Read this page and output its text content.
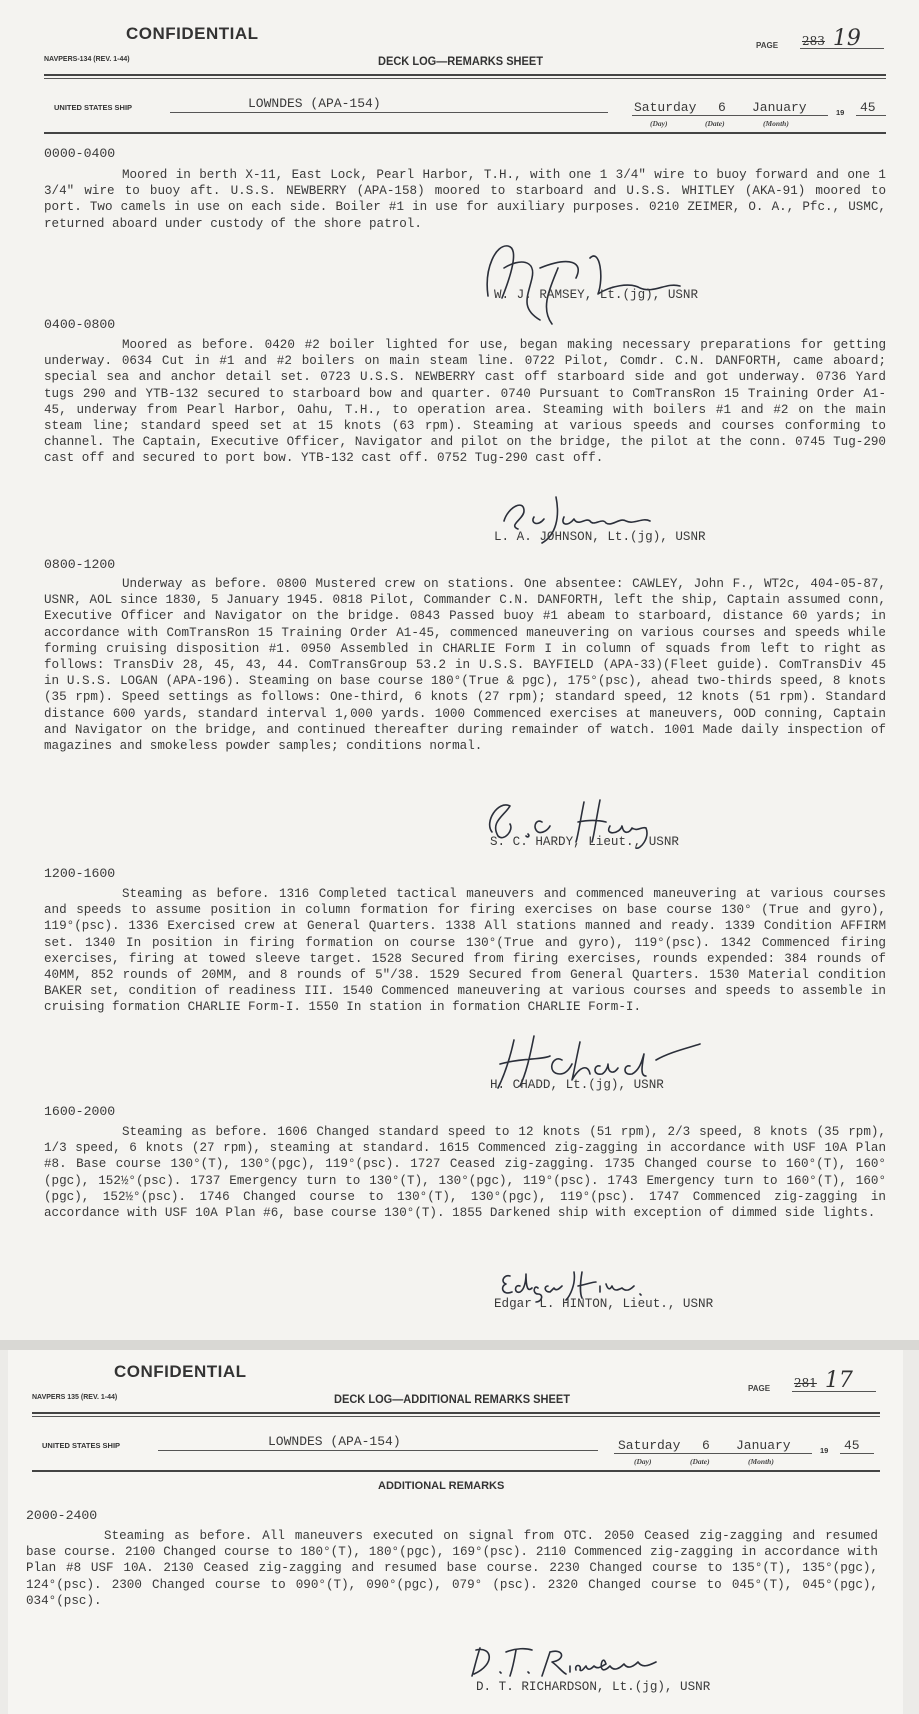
CONFIDENTIAL
NAVPERS-134 (REV. 1-44)	DECK LOG—REMARKS SHEET
PAGE 283 19
UNITED STATES SHIP	LOWNDES (APA-154)	Saturday 6 January	19 45
(Day)	(Date)	(Month)
0000-0400

Moored in berth X-11, East Lock, Pearl Harbor, T.H., with one 1 3/4" wire to buoy forward and one 1 3/4" wire to buoy aft. U.S.S. NEWBERRY (APA-158) moored to starboard and U.S.S. WHITLEY (AKA-91) moored to port. Two camels in use on each side. Boiler #1 in use for auxiliary purposes. 0210 ZEIMER, O. A., Pfc., USMC, returned aboard under custody of the shore patrol.

W. J. RAMSEY, Lt.(jg), USNR
0400-0800

Moored as before. 0420 #2 boiler lighted for use, began making necessary preparations for getting underway. 0634 Cut in #1 and #2 boilers on main steam line. 0722 Pilot, Comdr. C.N. DANFORTH, came aboard; special sea and anchor detail set. 0723 U.S.S. NEWBERRY cast off starboard side and got underway. 0736 Yard tugs 290 and YTB-132 secured to starboard bow and quarter. 0740 Pursuant to ComTransRon 15 Training Order A1-45, underway from Pearl Harbor, Oahu, T.H., to operation area. Steaming with boilers #1 and #2 on the main steam line; standard speed set at 15 knots (63 rpm). Steaming at various speeds and courses conforming to channel. The Captain, Executive Officer, Navigator and pilot on the bridge, the pilot at the conn. 0745 Tug-290 cast off and secured to port bow. YTB-132 cast off. 0752 Tug-290 cast off.

L. A. JOHNSON, Lt.(jg), USNR
0800-1200

Underway as before. 0800 Mustered crew on stations. One absentee: CAWLEY, John F., WT2c, 404-05-87, USNR, AOL since 1830, 5 January 1945. 0818 Pilot, Commander C.N. DANFORTH, left the ship, Captain assumed conn, Executive Officer and Navigator on the bridge. 0843 Passed buoy #1 abeam to starboard, distance 60 yards; in accordance with ComTransRon 15 Training Order A1-45, commenced maneuvering on various courses and speeds while forming cruising disposition #1. 0950 Assembled in CHARLIE Form I in column of squads from left to right as follows: TransDiv 28, 45, 43, 44. ComTransGroup 53.2 in U.S.S. BAYFIELD (APA-33)(Fleet guide). ComTransDiv 45 in U.S.S. LOGAN (APA-196). Steaming on base course 180°(True & pgc), 175°(psc), ahead two-thirds speed, 8 knots (35 rpm). Speed settings as follows: One-third, 6 knots (27 rpm); standard speed, 12 knots (51 rpm). Standard distance 600 yards, standard interval 1,000 yards. 1000 Commenced exercises at maneuvers, OOD conning, Captain and Navigator on the bridge, and continued thereafter during remainder of watch. 1001 Made daily inspection of magazines and smokeless powder samples; conditions normal.

S. C. HARDY, Lieut., USNR
1200-1600

Steaming as before. 1316 Completed tactical maneuvers and commenced maneuvering at various courses and speeds to assume position in column formation for firing exercises on base course 130° (True and gyro), 119°(psc). 1336 Exercised crew at General Quarters. 1338 All stations manned and ready. 1339 Condition AFFIRM set. 1340 In position in firing formation on course 130°(True and gyro), 119°(psc). 1342 Commenced firing exercises, firing at towed sleeve target. 1528 Secured from firing exercises, rounds expended: 384 rounds of 40MM, 852 rounds of 20MM, and 8 rounds of 5"/38. 1529 Secured from General Quarters. 1530 Material condition BAKER set, condition of readiness III. 1540 Commenced maneuvering at various courses and speeds to assemble in cruising formation CHARLIE Form-I. 1550 In station in formation CHARLIE Form-I.

H. CHADD, Lt.(jg), USNR
1600-2000

Steaming as before. 1606 Changed standard speed to 12 knots (51 rpm), 2/3 speed, 8 knots (35 rpm), 1/3 speed, 6 knots (27 rpm), steaming at standard. 1615 Commenced zig-zagging in accordance with USF 10A Plan #8. Base course 130°(T), 130°(pgc), 119°(psc). 1727 Ceased zig-zagging. 1735 Changed course to 160°(T), 160°(pgc), 152½°(psc). 1737 Emergency turn to 130°(T), 130°(pgc), 119°(psc). 1743 Emergency turn to 160°(T), 160°(pgc), 152½°(psc). 1746 Changed course to 130°(T), 130°(pgc), 119°(psc). 1747 Commenced zig-zagging in accordance with USF 10A Plan #6, base course 130°(T). 1855 Darkened ship with exception of dimmed side lights.

Edgar L. HINTON, Lieut., USNR
CONFIDENTIAL
NAVPERS 135 (REV. 1-44)	DECK LOG—ADDITIONAL REMARKS SHEET
PAGE 281 17
UNITED STATES SHIP	LOWNDES (APA-154)	Saturday 6 January	19 45
(Day)	(Date)	(Month)
ADDITIONAL REMARKS
2000-2400

Steaming as before. All maneuvers executed on signal from OTC. 2050 Ceased zig-zagging and resumed base course. 2100 Changed course to 180°(T), 180°(pgc), 169°(psc). 2110 Commenced zig-zagging in accordance with Plan #8 USF 10A. 2130 Ceased zig-zagging and resumed base course. 2230 Changed course to 135°(T), 135°(pgc), 124°(psc). 2300 Changed course to 090°(T), 090°(pgc), 079° (psc). 2320 Changed course to 045°(T), 045°(pgc), 034°(psc).

D. T. RICHARDSON, Lt.(jg), USNR
